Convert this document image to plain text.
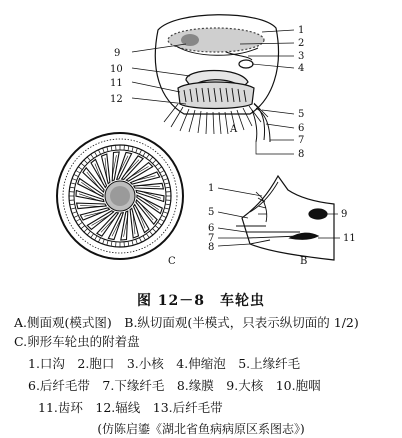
1
2
3
4
5
6
7
8
9
10
11
12
A
C
1
5
6
7
8
9
11
B
图 12－8　车轮虫
A.侧面观(模式图)　B.纵切面观(半模式，只表示纵切面的 1/2)
C.卵形车轮虫的附着盘
1.口沟　2.胞口　3.小核　4.伸缩泡　5.上缘纤毛
6.后纤毛带　7.下缘纤毛　8.缘膜　9.大核　10.胞咽
11.齿环　12.辐线　13.后纤毛带
(仿陈启鎏《湖北省鱼病病原区系图志》)
